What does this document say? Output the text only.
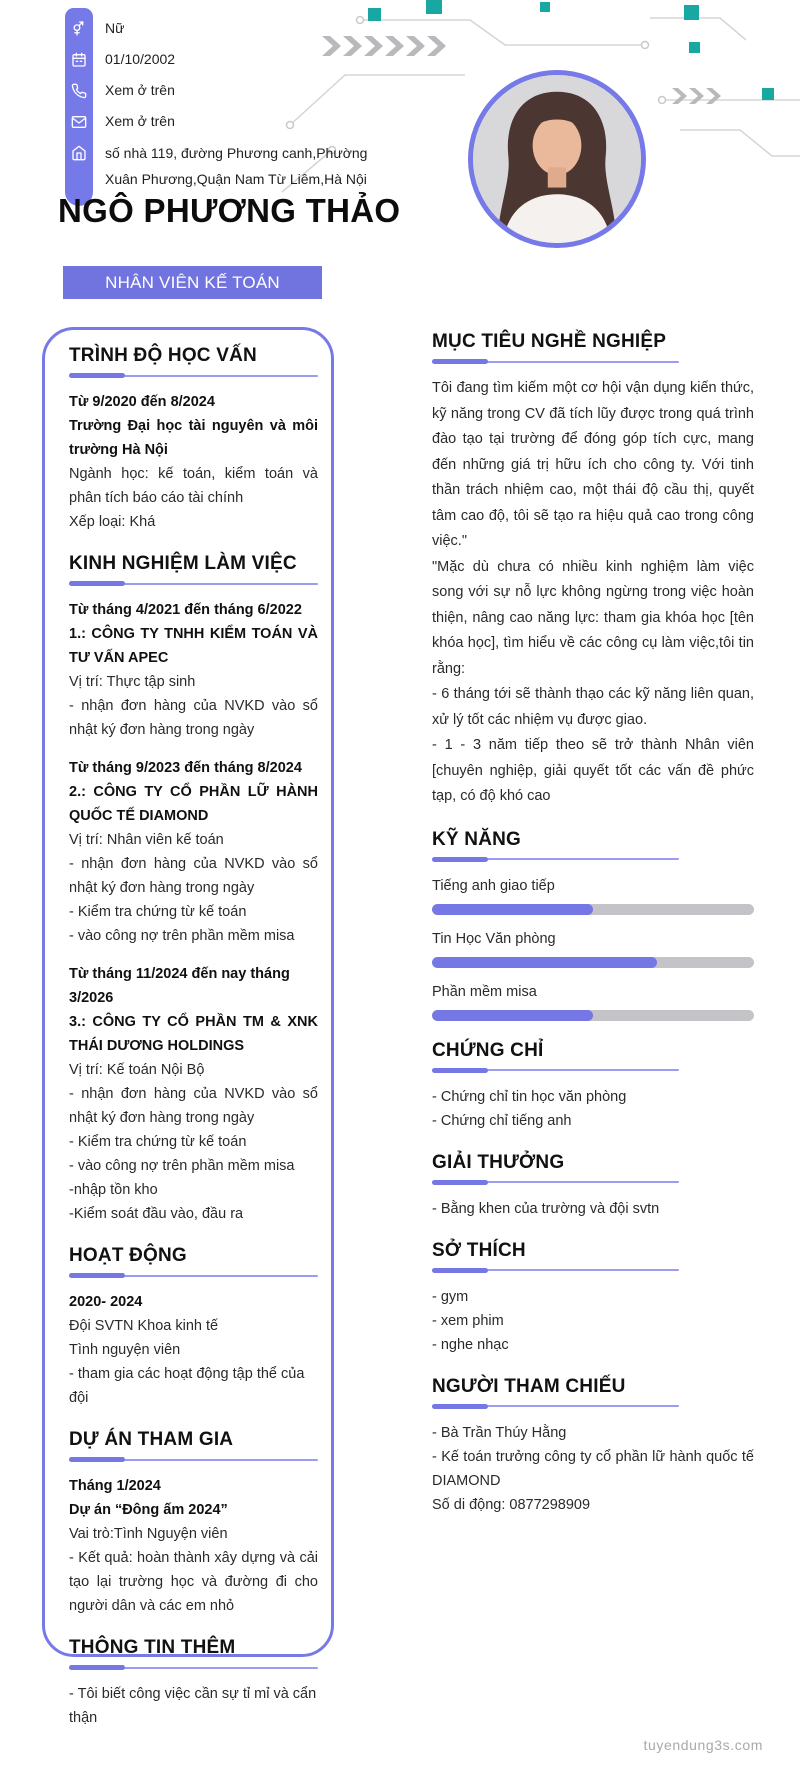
Nữ
01/10/2002
Xem ở trên
Xem ở trên
số nhà 119, đường Phương canh,Phường Xuân Phương,Quận Nam Từ Liêm,Hà Nội
NGÔ PHƯƠNG THẢO
NHÂN VIÊN KẾ TOÁN
TRÌNH ĐỘ HỌC VẤN
Từ 9/2020 đến 8/2024
Trường Đại học tài nguyên và môi trường Hà Nội
Ngành học: kế toán, kiểm toán và phân tích báo cáo tài chính
Xếp loại: Khá
KINH NGHIỆM LÀM VIỆC
Từ tháng 4/2021 đến tháng 6/2022
1.: CÔNG TY TNHH KIỂM TOÁN VÀ TƯ VẤN APEC
Vị trí: Thực tập sinh
- nhận đơn hàng của NVKD vào sổ nhật ký đơn hàng trong ngày
Từ tháng 9/2023 đến tháng 8/2024
2.: CÔNG TY CỔ PHẦN LỮ HÀNH QUỐC TẾ DIAMOND
Vị trí: Nhân viên kế toán
- nhận đơn hàng của NVKD vào sổ nhật ký đơn hàng trong ngày
- Kiểm tra chứng từ kế toán
- vào công nợ trên phần mềm misa
Từ tháng 11/2024 đến nay tháng 3/2026
3.: CÔNG TY CỔ PHẦN TM & XNK THÁI DƯƠNG HOLDINGS
Vị trí: Kế toán Nội Bộ
- nhận đơn hàng của NVKD vào sổ nhật ký đơn hàng trong ngày
- Kiểm tra chứng từ kế toán
- vào công nợ trên phần mềm misa
-nhập tồn kho
-Kiểm soát đầu vào, đầu ra
HOẠT ĐỘNG
2020- 2024
Đội SVTN Khoa kinh tế
Tình nguyện viên
- tham gia các hoạt động tập thể của đội
DỰ ÁN THAM GIA
Tháng 1/2024
Dự án “Đông ấm 2024”
Vai trò:Tình Nguyện viên
- Kết quả: hoàn thành xây dựng và cải tạo lại trường học và đường đi cho người dân và các em nhỏ
THÔNG TIN THÊM
- Tôi biết công việc cần sự tỉ mỉ và cẩn thận
MỤC TIÊU NGHỀ NGHIỆP
Tôi đang tìm kiếm một cơ hội vận dụng kiến thức, kỹ năng trong CV đã tích lũy được trong quá trình đào tạo tại trường để đóng góp tích cực, mang đến những giá trị hữu ích cho công ty. Với tinh thần trách nhiệm cao, một thái độ cầu thị, quyết tâm cao độ, tôi sẽ tạo ra hiệu quả cao trong công việc."
"Mặc dù chưa có nhiều kinh nghiệm làm việc song với sự nỗ lực không ngừng trong việc hoàn thiện, nâng cao năng lực: tham gia khóa học [tên khóa học], tìm hiểu về các công cụ làm việc,tôi tin rằng:
- 6 tháng tới sẽ thành thạo các kỹ năng liên quan, xử lý tốt các nhiệm vụ được giao.
- 1 - 3 năm tiếp theo sẽ trở thành Nhân viên [chuyên nghiệp, giải quyết tốt các vấn đề phức tạp, có độ khó cao
KỸ NĂNG
Tiếng anh giao tiếp
Tin Học Văn phòng
Phần mềm misa
CHỨNG CHỈ
- Chứng chỉ tin học văn phòng
- Chứng chỉ tiếng anh
GIẢI THƯỞNG
- Bằng khen của trường và đội svtn
SỞ THÍCH
- gym
- xem phim
- nghe nhạc
NGƯỜI THAM CHIẾU
- Bà Trần Thúy Hằng
- Kế toán trưởng công ty cổ phần lữ hành quốc tế DIAMOND
Số di động: 0877298909
tuyendung3s.com
